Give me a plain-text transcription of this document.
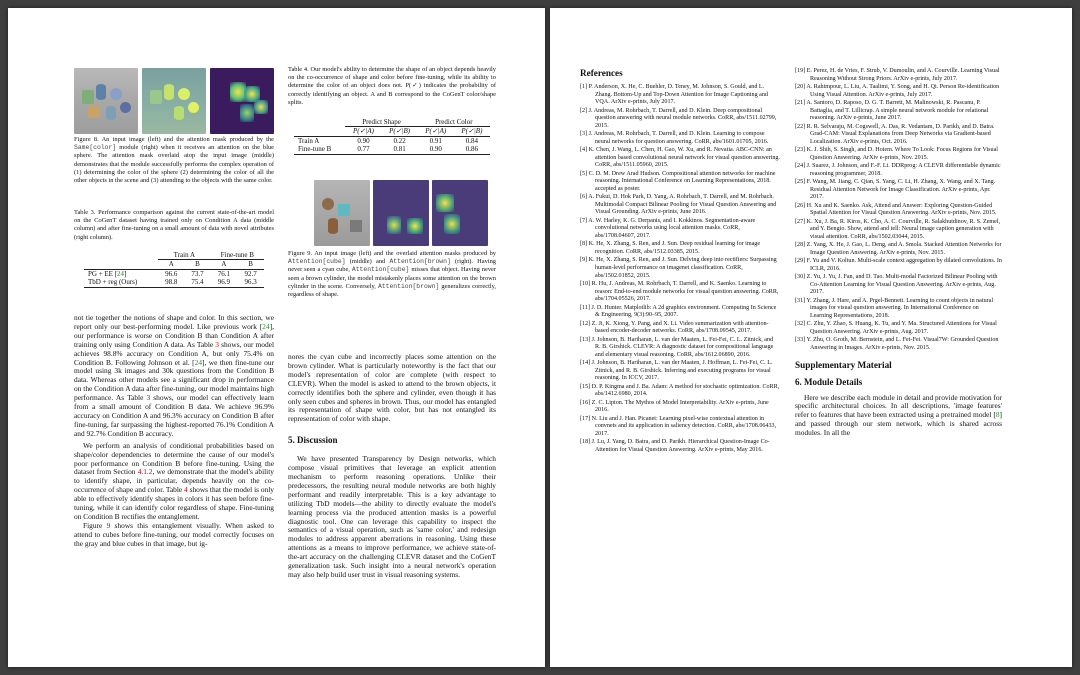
Figure 8. An input image (left) and the attention mask produced by the Same[color] module (right) when it receives an attention on the blue sphere. The attention mask overlaid atop the input image (middle) demonstrates that the module successfully performs the complex operation of (1) determining the color of the sphere (2) determining the color of all the other objects in the scene and (3) attending to the objects with the same color.

Table 3. Performance comparison against the current state-of-the-art model on the CoGenT dataset having trained only on Condition A data (middle column) and after fine-tuning on a small amount of data with novel attributes (right column).

	Train A		Fine-tune B	
	A	B	A	B
PG + EE [24]	96.6	73.7	76.1	92.7
TbD + reg (Ours)	98.8	75.4	96.9	96.3

not tie together the notions of shape and color. In this section, we report only our best-performing model. Like previous work [24], our performance is worse on Condition B than Condition A after training only using Condition A data. As Table 3 shows, our model achieves 98.8% accuracy on Condition A, but only 75.4% on Condition B. Following Johnson et al. [24], we then fine-tune our model using 3k images and 30k questions from the Condition B data. Whereas other models see a significant drop in performance on the Condition A data after fine-tuning, our model maintains high performance. As Table 3 shows, our model can effectively learn from a small amount of Condition B data. We achieve 96.9% accuracy on Condition A and 96.3% accuracy on Condition B after fine-tuning, far surpassing the highest-reported 76.1% Condition A and 92.7% Condition B accuracy.

We perform an analysis of conditional probabilities based on shape/color dependencies to determine the cause of our model's poor performance on Condition B before fine-tuning. Using the dataset from Section 4.1.2, we demonstrate that the model's ability to identify shape, in particular, depends heavily on the co-occurrence of shape and color. Table 4 shows that the model is only able to effectively identify shapes in colors it has seen before fine-tuning, while it can identify color regardless of shape. Fine-tuning on Condition B rectifies the entanglement.

Figure 9 shows this entanglement visually. When asked to attend to cubes before fine-tuning, our model correctly focuses on the gray and blue cubes in that image, but ig-

Table 4. Our model's ability to determine the shape of an object depends heavily on the co-occurrence of shape and color before fine-tuning, while its ability to determine the color of an object does not. P(✓) indicates the probability of correctly identifying an object. A and B correspond to the CoGenT color/shape splits.

	Predict Shape		Predict Color	
	P(✓|A)	P(✓|B)	P(✓|A)	P(✓|B)
Train A	0.90	0.22	0.91	0.84
Fine-tune B	0.77	0.81	0.90	0.86

Figure 9. An input image (left) and the overlaid attention masks produced by Attention[cube] (middle) and Attention[brown] (right). Having never seen a cyan cube, Attention[cube] misses that object. Having never seen a brown cylinder, the model mistakenly places some attention on the brown cylinder in the scene. Conversely, Attention[brown] generalizes correctly, regardless of shape.

nores the cyan cube and incorrectly places some attention on the brown cylinder. What is particularly noteworthy is the fact that our model's representation of color are complete (with respect to CLEVR). When the model is asked to attend to the brown objects, it correctly identifies both the sphere and cylinder, even though it has only seen cubes and spheres in brown. Thus, our model has entangled its representation of shape with color, but has not entangled its representation of color with shape.

5. Discussion

We have presented Transparency by Design networks, which compose visual primitives that leverage an explicit attention mechanism to perform reasoning operations. Unlike their predecessors, the resulting neural module networks are both highly performant and readily interpretable. This is a key advantage to utilizing TbD models—the ability to directly evaluate the model's learning process via the produced attention masks is a powerful diagnostic tool. One can leverage this capability to inspect the semantics of a visual operation, such as 'same color,' and redesign modules to address apparent aberrations in reasoning. Using these attentions as a means to improve performance, we achieve state-of-the-art accuracy on the challenging CLEVR dataset and the CoGenT generalization task. Such insight into a neural network's operation may also help build user trust in visual reasoning systems.

References

[1] P. Anderson, X. He, C. Buehler, D. Teney, M. Johnson, S. Gould, and L. Zhang. Bottom-Up and Top-Down Attention for Image Captioning and VQA. ArXiv e-prints, July 2017.

[2] J. Andreas, M. Rohrbach, T. Darrell, and D. Klein. Deep compositional question answering with neural module networks. CoRR, abs/1511.02799, 2015.

[3] J. Andreas, M. Rohrbach, T. Darrell, and D. Klein. Learning to compose neural networks for question answering. CoRR, abs/1601.01705, 2016.

[4] K. Chen, J. Wang, L. Chen, H. Gao, W. Xu, and R. Nevatia. ABC-CNN: an attention based convolutional neural network for visual question answering. CoRR, abs/1511.05960, 2015.

[5] C. D. M. Drew Arad Hudson. Compositional attention networks for machine reasoning. International Conference on Learning Representations, 2018. accepted as poster.

[6] A. Fukui, D. Hok Park, D. Yang, A. Rohrbach, T. Darrell, and M. Rohrbach. Multimodal Compact Bilinear Pooling for Visual Question Answering and Visual Grounding. ArXiv e-prints, June 2016.

[7] A. W. Harley, K. G. Derpanis, and I. Kokkinos. Segmentation-aware convolutional networks using local attention masks. CoRR, abs/1708.04607, 2017.

[8] K. He, X. Zhang, S. Ren, and J. Sun. Deep residual learning for image recognition. CoRR, abs/1512.03385, 2015.

[9] K. He, X. Zhang, S. Ren, and J. Sun. Delving deep into rectifiers: Surpassing human-level performance on imagenet classification. CoRR, abs/1502.01852, 2015.

[10] R. Hu, J. Andreas, M. Rohrbach, T. Darrell, and K. Saenko. Learning to reason: End-to-end module networks for visual question answering. CoRR, abs/1704.05526, 2017.

[11] J. D. Hunter. Matplotlib: A 2d graphics environment. Computing In Science & Engineering, 9(3):90–95, 2007.

[12] Z. Ji, K. Xiong, Y. Pang, and X. Li. Video summarization with attention-based encoder-decoder networks. CoRR, abs/1708.09545, 2017.

[13] J. Johnson, B. Hariharan, L. van der Maaten, L. Fei-Fei, C. L. Zitnick, and R. B. Girshick. CLEVR: A diagnostic dataset for compositional language and elementary visual reasoning. CoRR, abs/1612.06890, 2016.

[14] J. Johnson, B. Hariharan, L. van der Maaten, J. Hoffman, L. Fei-Fei, C. L. Zitnick, and R. B. Girshick. Inferring and executing programs for visual reasoning. In ICCV, 2017.

[15] D. P. Kingma and J. Ba. Adam: A method for stochastic optimization. CoRR, abs/1412.6980, 2014.

[16] Z. C. Lipton. The Mythos of Model Interpretability. ArXiv e-prints, June 2016.

[17] N. Liu and J. Han. Picanet: Learning pixel-wise contextual attention in convnets and its application in saliency detection. CoRR, abs/1708.06433, 2017.

[18] J. Lu, J. Yang, D. Batra, and D. Parikh. Hierarchical Question-Image Co-Attention for Visual Question Answering. ArXiv e-prints, May 2016.

[19] E. Perez, H. de Vries, F. Strub, V. Dumoulin, and A. Courville. Learning Visual Reasoning Without Strong Priors. ArXiv e-prints, July 2017.

[20] A. Rahimpour, L. Liu, A. Taalimi, Y. Song, and H. Qi. Person Re-identification Using Visual Attention. ArXiv e-prints, July 2017.

[21] A. Santoro, D. Raposo, D. G. T. Barrett, M. Malinowski, R. Pascanu, P. Battaglia, and T. Lillicrap. A simple neural network module for relational reasoning. ArXiv e-prints, June 2017.

[22] R. R. Selvaraju, M. Cogswell, A. Das, R. Vedantam, D. Parikh, and D. Batra. Grad-CAM: Visual Explanations from Deep Networks via Gradient-based Localization. ArXiv e-prints, Oct. 2016.

[23] K. J. Shih, S. Singh, and D. Hoiem. Where To Look: Focus Regions for Visual Question Answering. ArXiv e-prints, Nov. 2015.

[24] J. Suarez, J. Johnson, and F.-F. Li. DDRprog: A CLEVR differentiable dynamic reasoning programmer, 2018.

[25] F. Wang, M. Jiang, C. Qian, S. Yang, C. Li, H. Zhang, X. Wang, and X. Tang. Residual Attention Network for Image Classification. ArXiv e-prints, Apr. 2017.

[26] H. Xu and K. Saenko. Ask, Attend and Answer: Exploring Question-Guided Spatial Attention for Visual Question Answering. ArXiv e-prints, Nov. 2015.

[27] K. Xu, J. Ba, R. Kiros, K. Cho, A. C. Courville, R. Salakhutdinov, R. S. Zemel, and Y. Bengio. Show, attend and tell: Neural image caption generation with visual attention. CoRR, abs/1502.03044, 2015.

[28] Z. Yang, X. He, J. Gao, L. Deng, and A. Smola. Stacked Attention Networks for Image Question Answering. ArXiv e-prints, Nov. 2015.

[29] F. Yu and V. Koltun. Multi-scale context aggregation by dilated convolutions. In ICLR, 2016.

[30] Z. Yu, J. Yu, J. Fan, and D. Tao. Multi-modal Factorized Bilinear Pooling with Co-Attention Learning for Visual Question Answering. ArXiv e-prints, Aug. 2017.

[31] Y. Zhang, J. Hare, and A. Prgel-Bennett. Learning to count objects in natural images for visual question answering. In International Conference on Learning Representations, 2018.

[32] C. Zhu, Y. Zhao, S. Huang, K. Tu, and Y. Ma. Structured Attentions for Visual Question Answering. ArXiv e-prints, Aug. 2017.

[33] Y. Zhu, O. Groth, M. Bernstein, and L. Fei-Fei. Visual7W: Grounded Question Answering in Images. ArXiv e-prints, Nov. 2015.

Supplementary Material
6. Module Details

Here we describe each module in detail and provide motivation for specific architectural choices. In all descriptions, 'image features' refer to features that have been extracted using a pretrained model [8] and passed through our stem network, which is shared across modules. In all the
